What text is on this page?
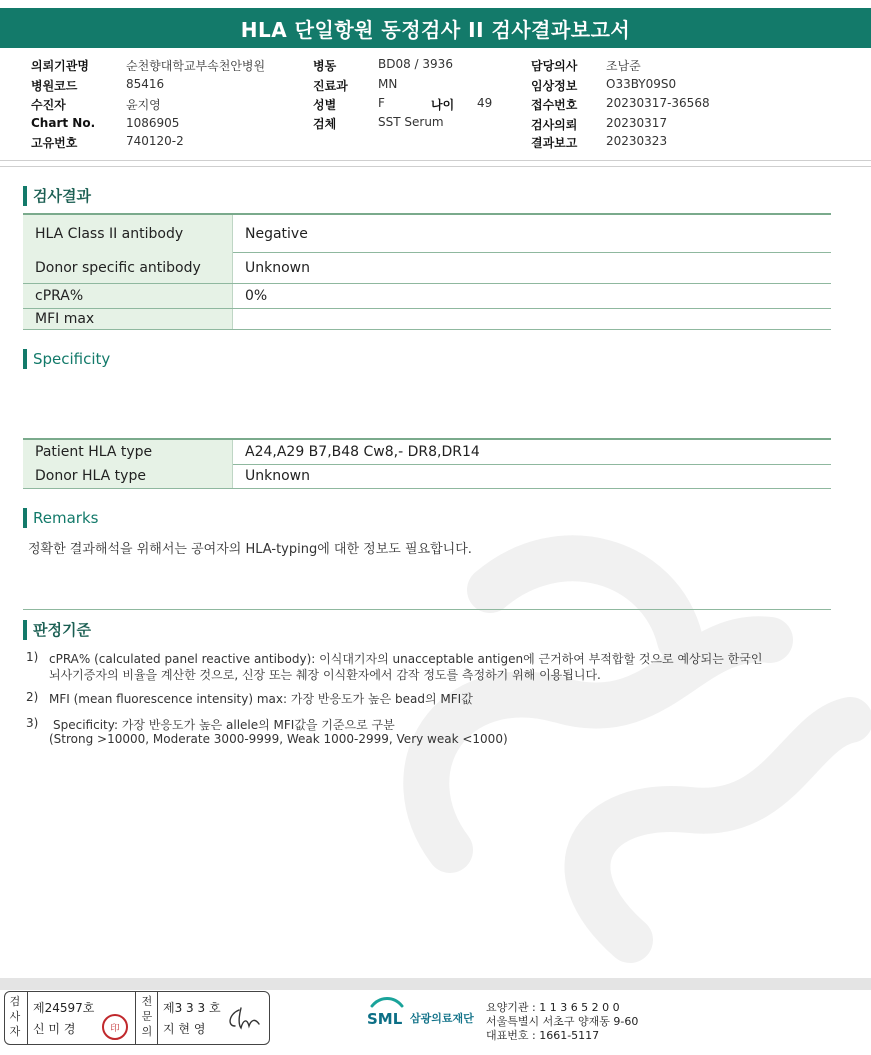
HLA 단일항원 동정검사 II 검사결과보고서
의뢰기관명	순천향대학교부속천안병원
병원코드	85416
수진자	윤지영
Chart No.	1086905
고유번호	740120-2
병동	BD08 / 3936
진료과	MN
성별	F	나이 49
검체	SST Serum
담당의사 조남준
임상정보 O33BY09S0
접수번호 20230317-36568
검사의뢰 20230317
결과보고 20230323
검사결과
HLA Class II antibody	Negative
Donor specific antibody	Unknown
cPRA%	0%
MFI max
Specificity
Patient HLA type	A24,A29 B7,B48 Cw8,- DR8,DR14
Donor HLA type	Unknown
Remarks
정확한 결과해석을 위해서는 공여자의 HLA-typing에 대한 정보도 필요합니다.
판정기준
1) cPRA% (calculated panel reactive antibody): 이식대기자의 unacceptable antigen에 근거하여 부적합할 것으로 예상되는 한국인
뇌사기증자의 비율을 계산한 것으로, 신장 또는 췌장 이식환자에서 감작 정도를 측정하기 위해 이용됩니다.
2) MFI (mean fluorescence intensity) max: 가장 반응도가 높은 bead의 MFI값
3) Specificity: 가장 반응도가 높은 allele의 MFI값을 기준으로 구분
(Strong >10000, Moderate 3000-9999, Weak 1000-2999, Very weak <1000)
검
사
자
제24597호
신 미 경
전
문
의
제3 3 3 호
지 현 영
印
SML 삼광의료재단
요양기관 : 1 1 3 6 5 2 0 0
서울특별시 서초구 양재동 9-60
대표번호 : 1661-5117
